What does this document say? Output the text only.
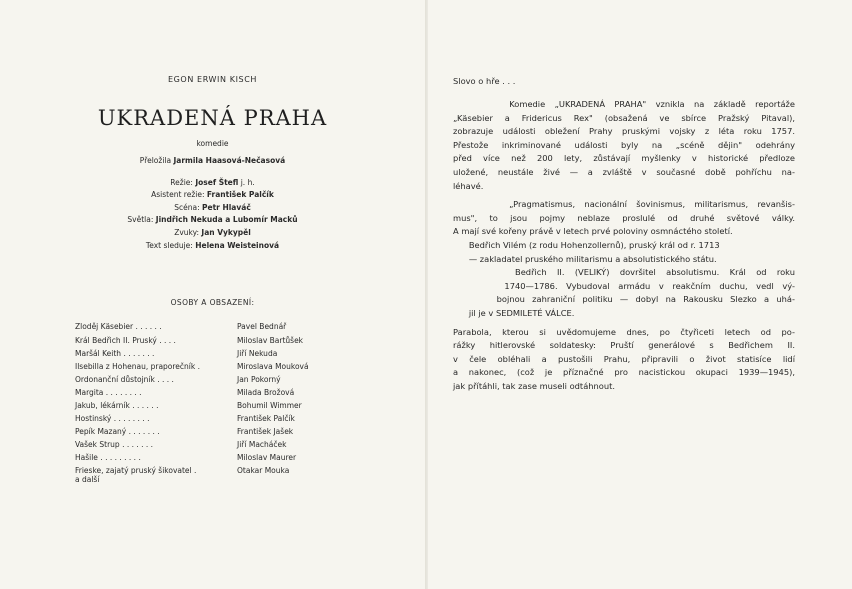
EGON ERWIN KISCH
UKRADENÁ PRAHA
komedie
Přeložila Jarmila Haasová-Nečasová
Režie: Josef Štefl j. h.
Asistent režie: František Palčík
Scéna: Petr Hlaváč
Světla: Jindřich Nekuda a Lubomír Macků
Zvuky: Jan Vykypěl
Text sleduje: Helena Weisteinová
OSOBY A OBSAZENÍ:
Zloděj Käsebier . . . . . .	Pavel Bednář
Král Bedřich II. Pruský . . . .	Miloslav Bartůšek
Maršál Keith . . . . . . .	Jiří Nekuda
Ilsebilla z Hohenau, praporečník .	Miroslava Mouková
Ordonanční důstojník . . . .	Jan Pokorný
Margita . . . . . . . .	Milada Brožová
Jakub, lékárník . . . . . .	Bohumil Wimmer
Hostinský . . . . . . . .	František Palčík
Pepík Mazaný . . . . . . .	František Jašek
Vašek Strup . . . . . . .	Jiří Macháček
Hašile . . . . . . . . .	Miloslav Maurer
Frieske, zajatý pruský šikovatel .	Otakar Mouka
a další
Slovo o hře . . .
Komedie „UKRADENÁ PRAHA" vznikla na základě reportáže
„Käsebier a Fridericus Rex" (obsažená ve sbírce Pražský Pitaval),
zobrazuje události obležení Prahy pruskými vojsky z léta roku 1757.
Přestože inkriminované události byly na „scéně dějin" odehrány
před více než 200 lety, zůstávají myšlenky v historické předloze
uložené, neustále živé — a zvláště v současné době pohříchu na-
léhavé.
„Pragmatismus, nacionální šovinismus, militarismus, revanšis-
mus", to jsou pojmy neblaze proslulé od druhé světové války.
A mají své kořeny právě v letech prvé poloviny osmnáctého století.
Bedřich Vilém (z rodu Hohenzollernů), pruský král od r. 1713
— zakladatel pruského militarismu a absolutistického státu.
Bedřich II. (VELIKÝ) dovršitel absolutismu. Král od roku
1740—1786. Vybudoval armádu v reakčním duchu, vedl vý-
bojnou zahraniční politiku — dobyl na Rakousku Slezko a uhá-
jil je v SEDMILETÉ VÁLCE.
Parabola, kterou si uvědomujeme dnes, po čtyřiceti letech od po-
rážky hitlerovské soldatesky: Pruští generálové s Bedřichem II.
v čele obléhali a pustošili Prahu, připravili o život statisíce lidí
a nakonec, (což je příznačné pro nacistickou okupaci 1939—1945),
jak přítáhli, tak zase museli odtáhnout.
